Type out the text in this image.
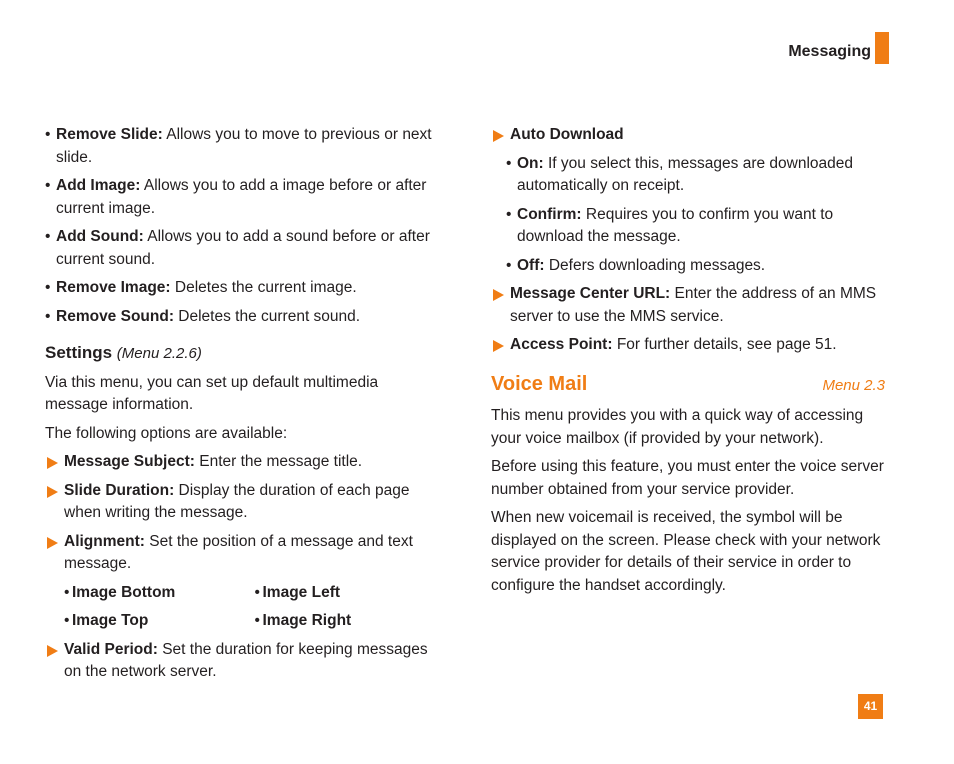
Messaging
• Remove Slide: Allows you to move to previous or next slide.
• Add Image: Allows you to add a image before or after current image.
• Add Sound: Allows you to add a sound before or after current sound.
• Remove Image: Deletes the current image.
• Remove Sound: Deletes the current sound.
Settings (Menu 2.2.6)
Via this menu, you can set up default multimedia message information.
The following options are available:
Message Subject: Enter the message title.
Slide Duration: Display the duration of each page when writing the message.
Alignment: Set the position of a message and text message.
• Image Bottom	• Image Left
• Image Top	• Image Right
Valid Period: Set the duration for keeping messages on the network server.
Auto Download
• On: If you select this, messages are downloaded automatically on receipt.
• Confirm: Requires you to confirm you want to download the message.
• Off: Defers downloading messages.
Message Center URL: Enter the address of an MMS server to use the MMS service.
Access Point: For further details, see page 51.
Voice Mail	Menu 2.3
This menu provides you with a quick way of accessing your voice mailbox (if provided by your network).
Before using this feature, you must enter the voice server number obtained from your service provider.
When new voicemail is received, the symbol will be displayed on the screen. Please check with your network service provider for details of their service in order to configure the handset accordingly.
41
